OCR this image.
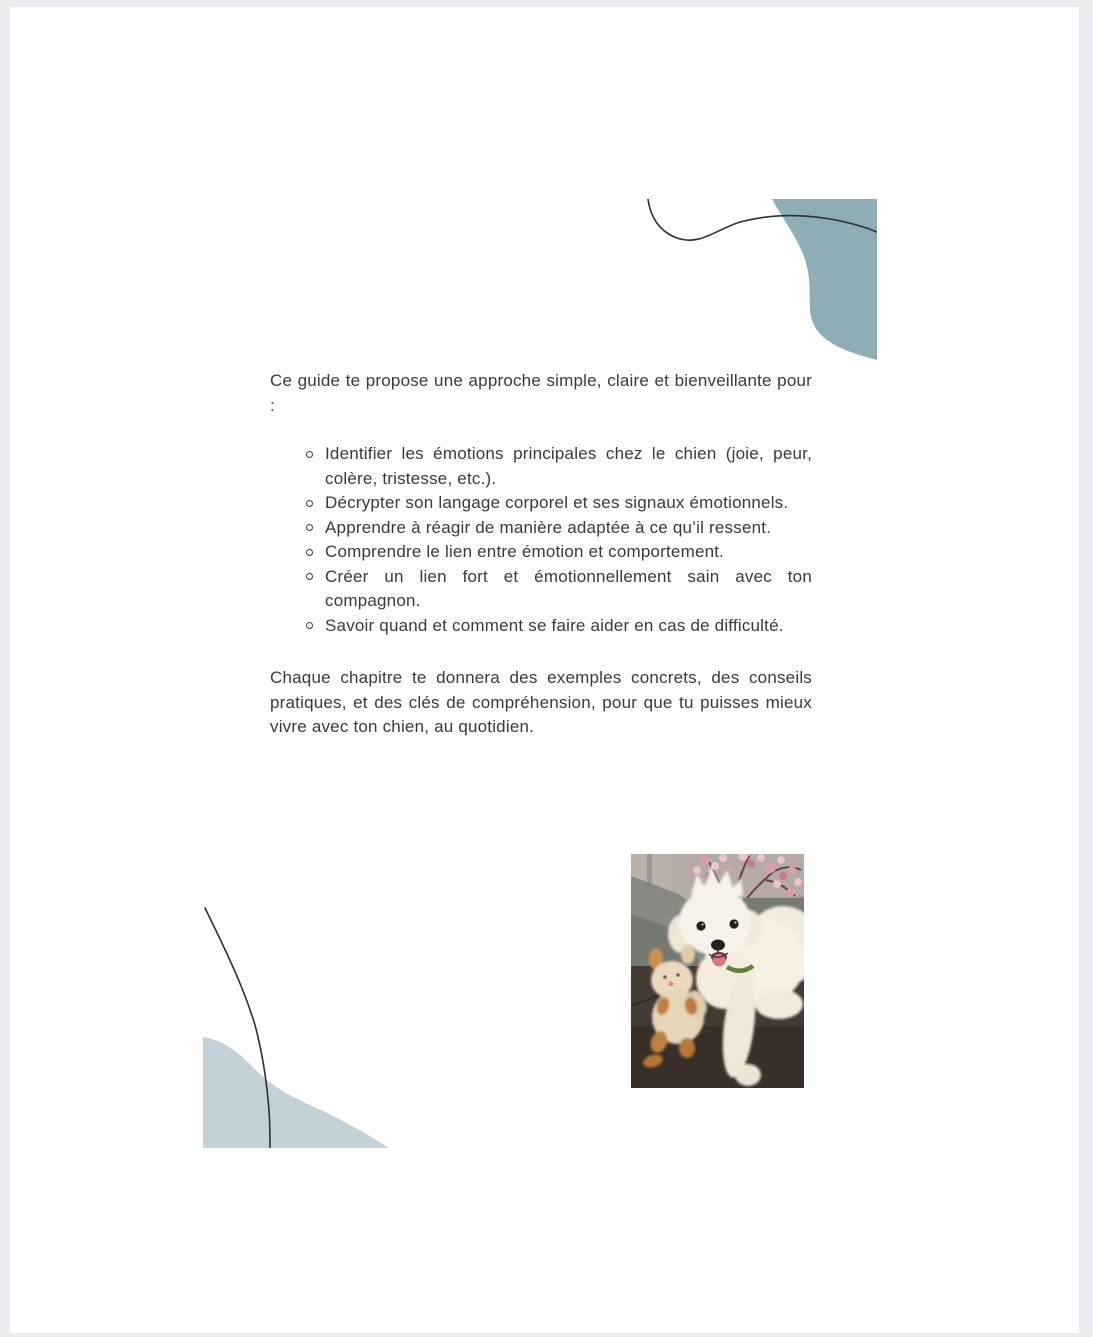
Ce guide te propose une approche simple, claire et bienveillante pour :

Identifier les émotions principales chez le chien (joie, peur, colère, tristesse, etc.).
Décrypter son langage corporel et ses signaux émotionnels.
Apprendre à réagir de manière adaptée à ce qu’il ressent.
Comprendre le lien entre émotion et comportement.
Créer un lien fort et émotionnellement sain avec ton compagnon.
Savoir quand et comment se faire aider en cas de difficulté.

Chaque chapitre te donnera des exemples concrets, des conseils pratiques, et des clés de compréhension, pour que tu puisses mieux vivre avec ton chien, au quotidien.
